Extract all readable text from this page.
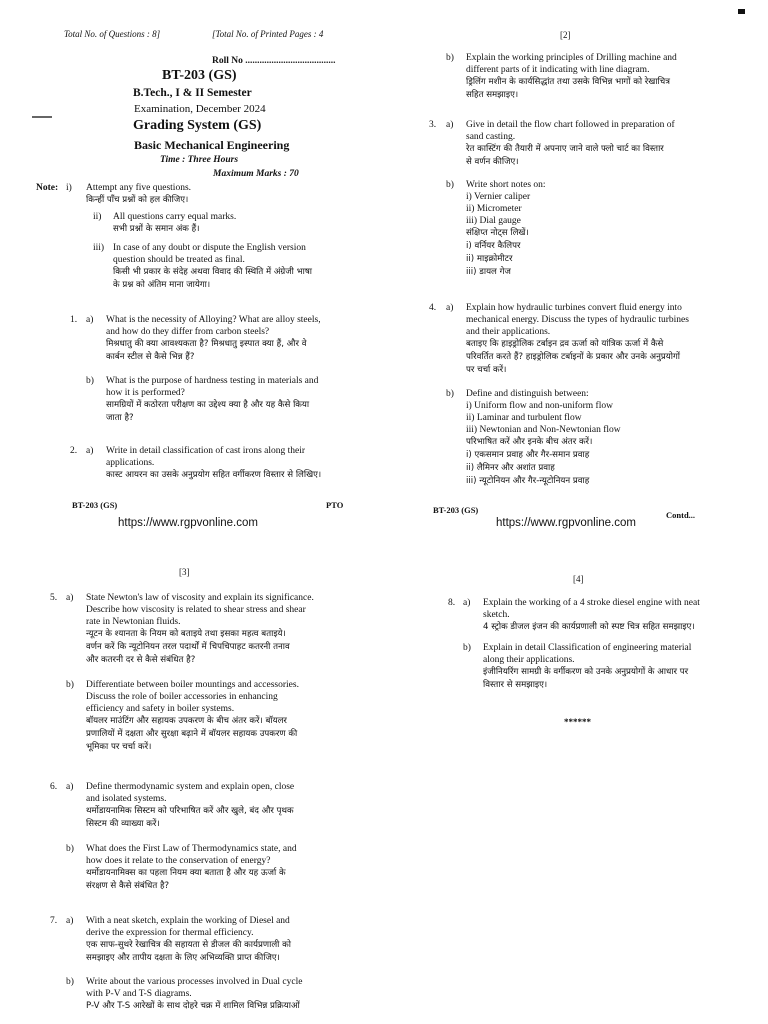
Total No. of Questions : 8]	[Total No. of Printed Pages : 4
Roll No ......................................
BT-203 (GS)
B.Tech., I & II Semester
Examination, December 2024
Grading System (GS)
Basic Mechanical Engineering
Time : Three Hours
Maximum Marks : 70
Note: i) Attempt any five questions.
किन्हीं पाँच प्रश्नों को हल कीजिए।
ii) All questions carry equal marks.
सभी प्रश्नों के समान अंक हैं।
iii) In case of any doubt or dispute the English version
question should be treated as final.
किसी भी प्रकार के संदेह अथवा विवाद की स्थिति में अंग्रेजी भाषा
के प्रश्न को अंतिम माना जायेगा।
1. a) What is the necessity of Alloying? What are alloy steels,
and how do they differ from carbon steels?
मिश्रधातु की क्या आवश्यकता है? मिश्रधातु इस्पात क्या हैं, और वे
कार्बन स्टील से कैसे भिन्न हैं?
b) What is the purpose of hardness testing in materials and
how it is performed?
सामग्रियों में कठोरता परीक्षण का उद्देश्य क्या है और यह कैसे किया
जाता है?
2. a) Write in detail classification of cast irons along their
applications.
कास्ट आयरन का उसके अनुप्रयोग सहित वर्गीकरण विस्तार से लिखिए।
BT-203 (GS)	PTO
https://www.rgpvonline.com
[2]
b) Explain the working principles of Drilling machine and
different parts of it indicating with line diagram.
ड्रिलिंग मशीन के कार्यसिद्धांत तथा उसके विभिन्न भागों को रेखाचित्र
सहित समझाइए।
3. a) Give in detail the flow chart followed in preparation of
sand casting.
रेत कास्टिंग की तैयारी में अपनाए जाने वाले फ्लो चार्ट का विस्तार
से वर्णन कीजिए।
b) Write short notes on:
i) Vernier caliper
ii) Micrometer
iii) Dial gauge
संक्षिप्त नोट्स लिखें।
i) वर्नियर कैलिपर
ii) माइक्रोमीटर
iii) डायल गेज
4. a) Explain how hydraulic turbines convert fluid energy into
mechanical energy. Discuss the types of hydraulic turbines
and their applications.
बताइए कि हाइड्रोलिक टर्बाइन द्रव ऊर्जा को यांत्रिक ऊर्जा में कैसे
परिवर्तित करते हैं? हाइड्रोलिक टर्बाइनों के प्रकार और उनके अनुप्रयोगों
पर चर्चा करें।
b) Define and distinguish between:
i) Uniform flow and non-uniform flow
ii) Laminar and turbulent flow
iii) Newtonian and Non-Newtonian flow
परिभाषित करें और इनके बीच अंतर करें।
i) एकसमान प्रवाह और गैर-समान प्रवाह
ii) लैमिनर और अशांत प्रवाह
iii) न्यूटोनियन और गैर-न्यूटोनियन प्रवाह
BT-203 (GS)	Contd...
https://www.rgpvonline.com
[3]
5. a) State Newton's law of viscosity and explain its significance.
Describe how viscosity is related to shear stress and shear
rate in Newtonian fluids.
न्यूटन के श्यानता के नियम को बताइये तथा इसका महत्व बताइये।
वर्णन करें कि न्यूटोनियन तरल पदार्थों में चिपचिपाहट कतरनी तनाव
और कतरनी दर से कैसे संबंधित है?
b) Differentiate between boiler mountings and accessories.
Discuss the role of boiler accessories in enhancing
efficiency and safety in boiler systems.
बॉयलर माउंटिंग और सहायक उपकरण के बीच अंतर करें। बॉयलर
प्रणालियों में दक्षता और सुरक्षा बढ़ाने में बॉयलर सहायक उपकरण की
भूमिका पर चर्चा करें।
6. a) Define thermodynamic system and explain open, close
and isolated systems.
थर्मोडायनामिक सिस्टम को परिभाषित करें और खुले, बंद और पृथक
सिस्टम की व्याख्या करें।
b) What does the First Law of Thermodynamics state, and
how does it relate to the conservation of energy?
थर्मोडायनामिक्स का पहला नियम क्या बताता है और यह ऊर्जा के
संरक्षण से कैसे संबंधित है?
7. a) With a neat sketch, explain the working of Diesel and
derive the expression for thermal efficiency.
एक साफ-सुथरे रेखाचित्र की सहायता से डीजल की कार्यप्रणाली को
समझाइए और तापीय दक्षता के लिए अभिव्यक्ति प्राप्त कीजिए।
b) Write about the various processes involved in Dual cycle
with P-V and T-S diagrams.
P-V और T-S आरेखों के साथ दोहरे चक्र में शामिल विभिन्न प्रक्रियाओं
[4]
8. a) Explain the working of a 4 stroke diesel engine with neat
sketch.
4 स्ट्रोक डीजल इंजन की कार्यप्रणाली को स्पष्ट चित्र सहित समझाइए।
b) Explain in detail Classification of engineering material
along their applications.
इंजीनियरिंग सामग्री के वर्गीकरण को उनके अनुप्रयोगों के आधार पर
विस्तार से समझाइए।
******
